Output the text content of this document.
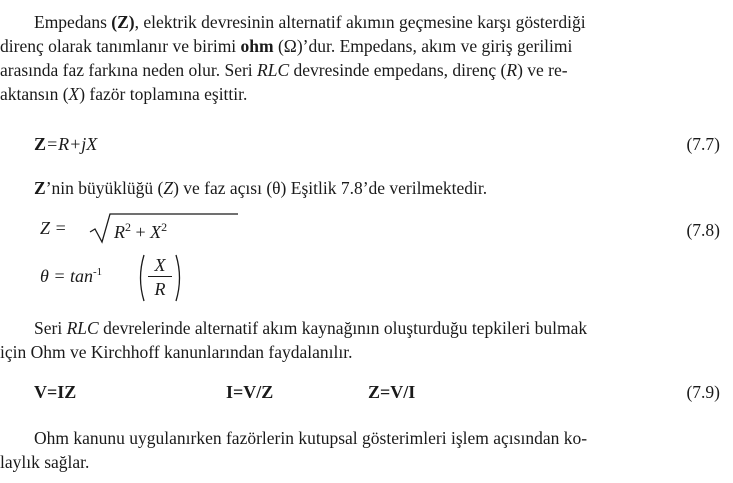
Empedans (Z), elektrik devresinin alternatif akımın geçmesine karşı gösterdiği
direnç olarak tanımlanır ve birimi ohm (Ω)’dur. Empedans, akım ve giriş gerilimi
arasında faz farkına neden olur. Seri RLC devresinde empedans, direnç (R) ve re-
aktansın (X) fazör toplamına eşittir.
Z=R+jX	(7.7)
Z’nin büyüklüğü (Z) ve faz açısı (θ) Eşitlik 7.8’de verilmektedir.
Z =	$R^2 + X^2$	(7.8)
$\theta = \tan^{-1}$	X
R
Seri RLC devrelerinde alternatif akım kaynağının oluşturduğu tepkileri bulmak
için Ohm ve Kirchhoff kanunlarından faydalanılır.
V=IZ	I=V/Z	Z=V/I	(7.9)
Ohm kanunu uygulanırken fazörlerin kutupsal gösterimleri işlem açısından ko-
laylık sağlar.
